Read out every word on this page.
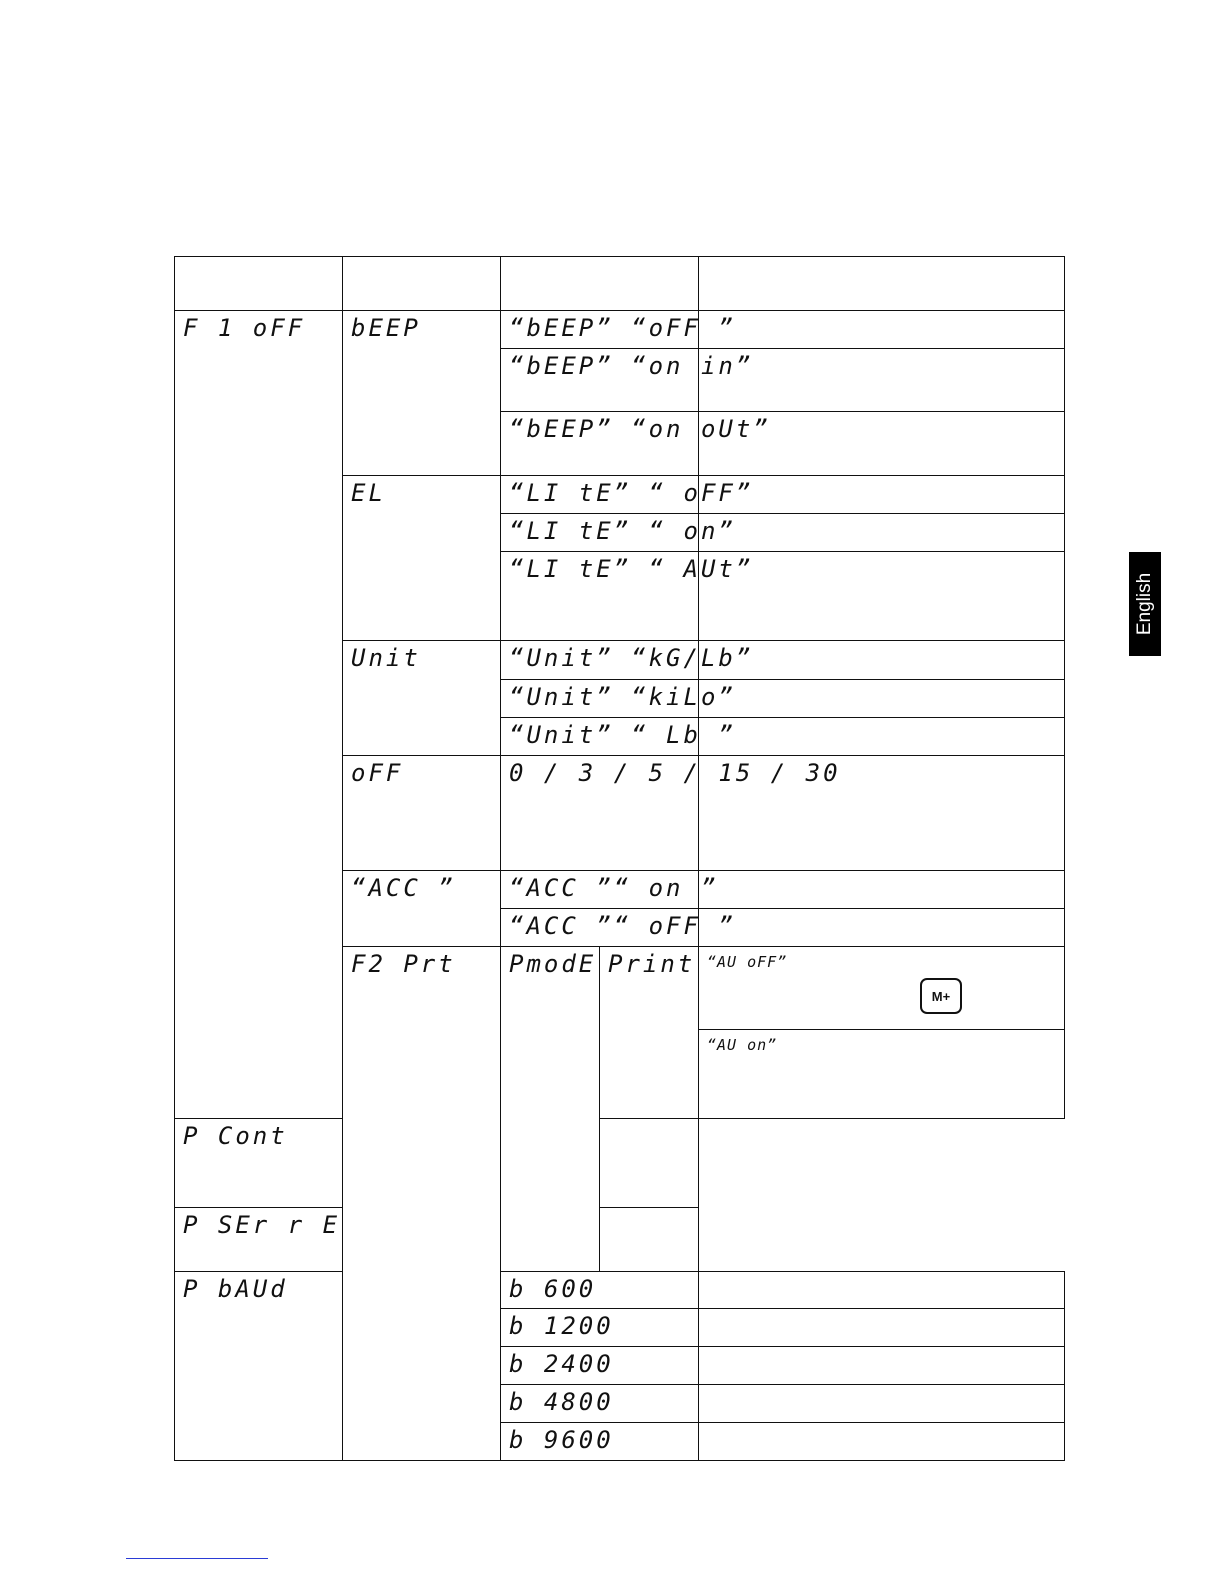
F 1 oFF	bEEP	“bEEP” “oFF ”			

		“bEEP” “on in”			

		“bEEP” “on oUt”			

	EL	“LI tE” “ oFF”			

		“LI tE” “ on”			

		“LI tE” “ AUt”			

	Unit	“Unit” “kG/Lb”			

		“Unit” “kiLo”			

		“Unit” “ Lb ”			

	oFF	0 / 3 / 5 / 15 / 30			

	“ACC ”	“ACC ”“ on ”			

		“ACC ”“ oFF ”			

	F2 Prt	PmodE	Print	“AU oFF”	

				“AU on”	

P Cont					

P SEr r E					

P bAUd		b 600			

		b 1200			

		b 2400			

		b 4800			

		b 9600			

M+
English
